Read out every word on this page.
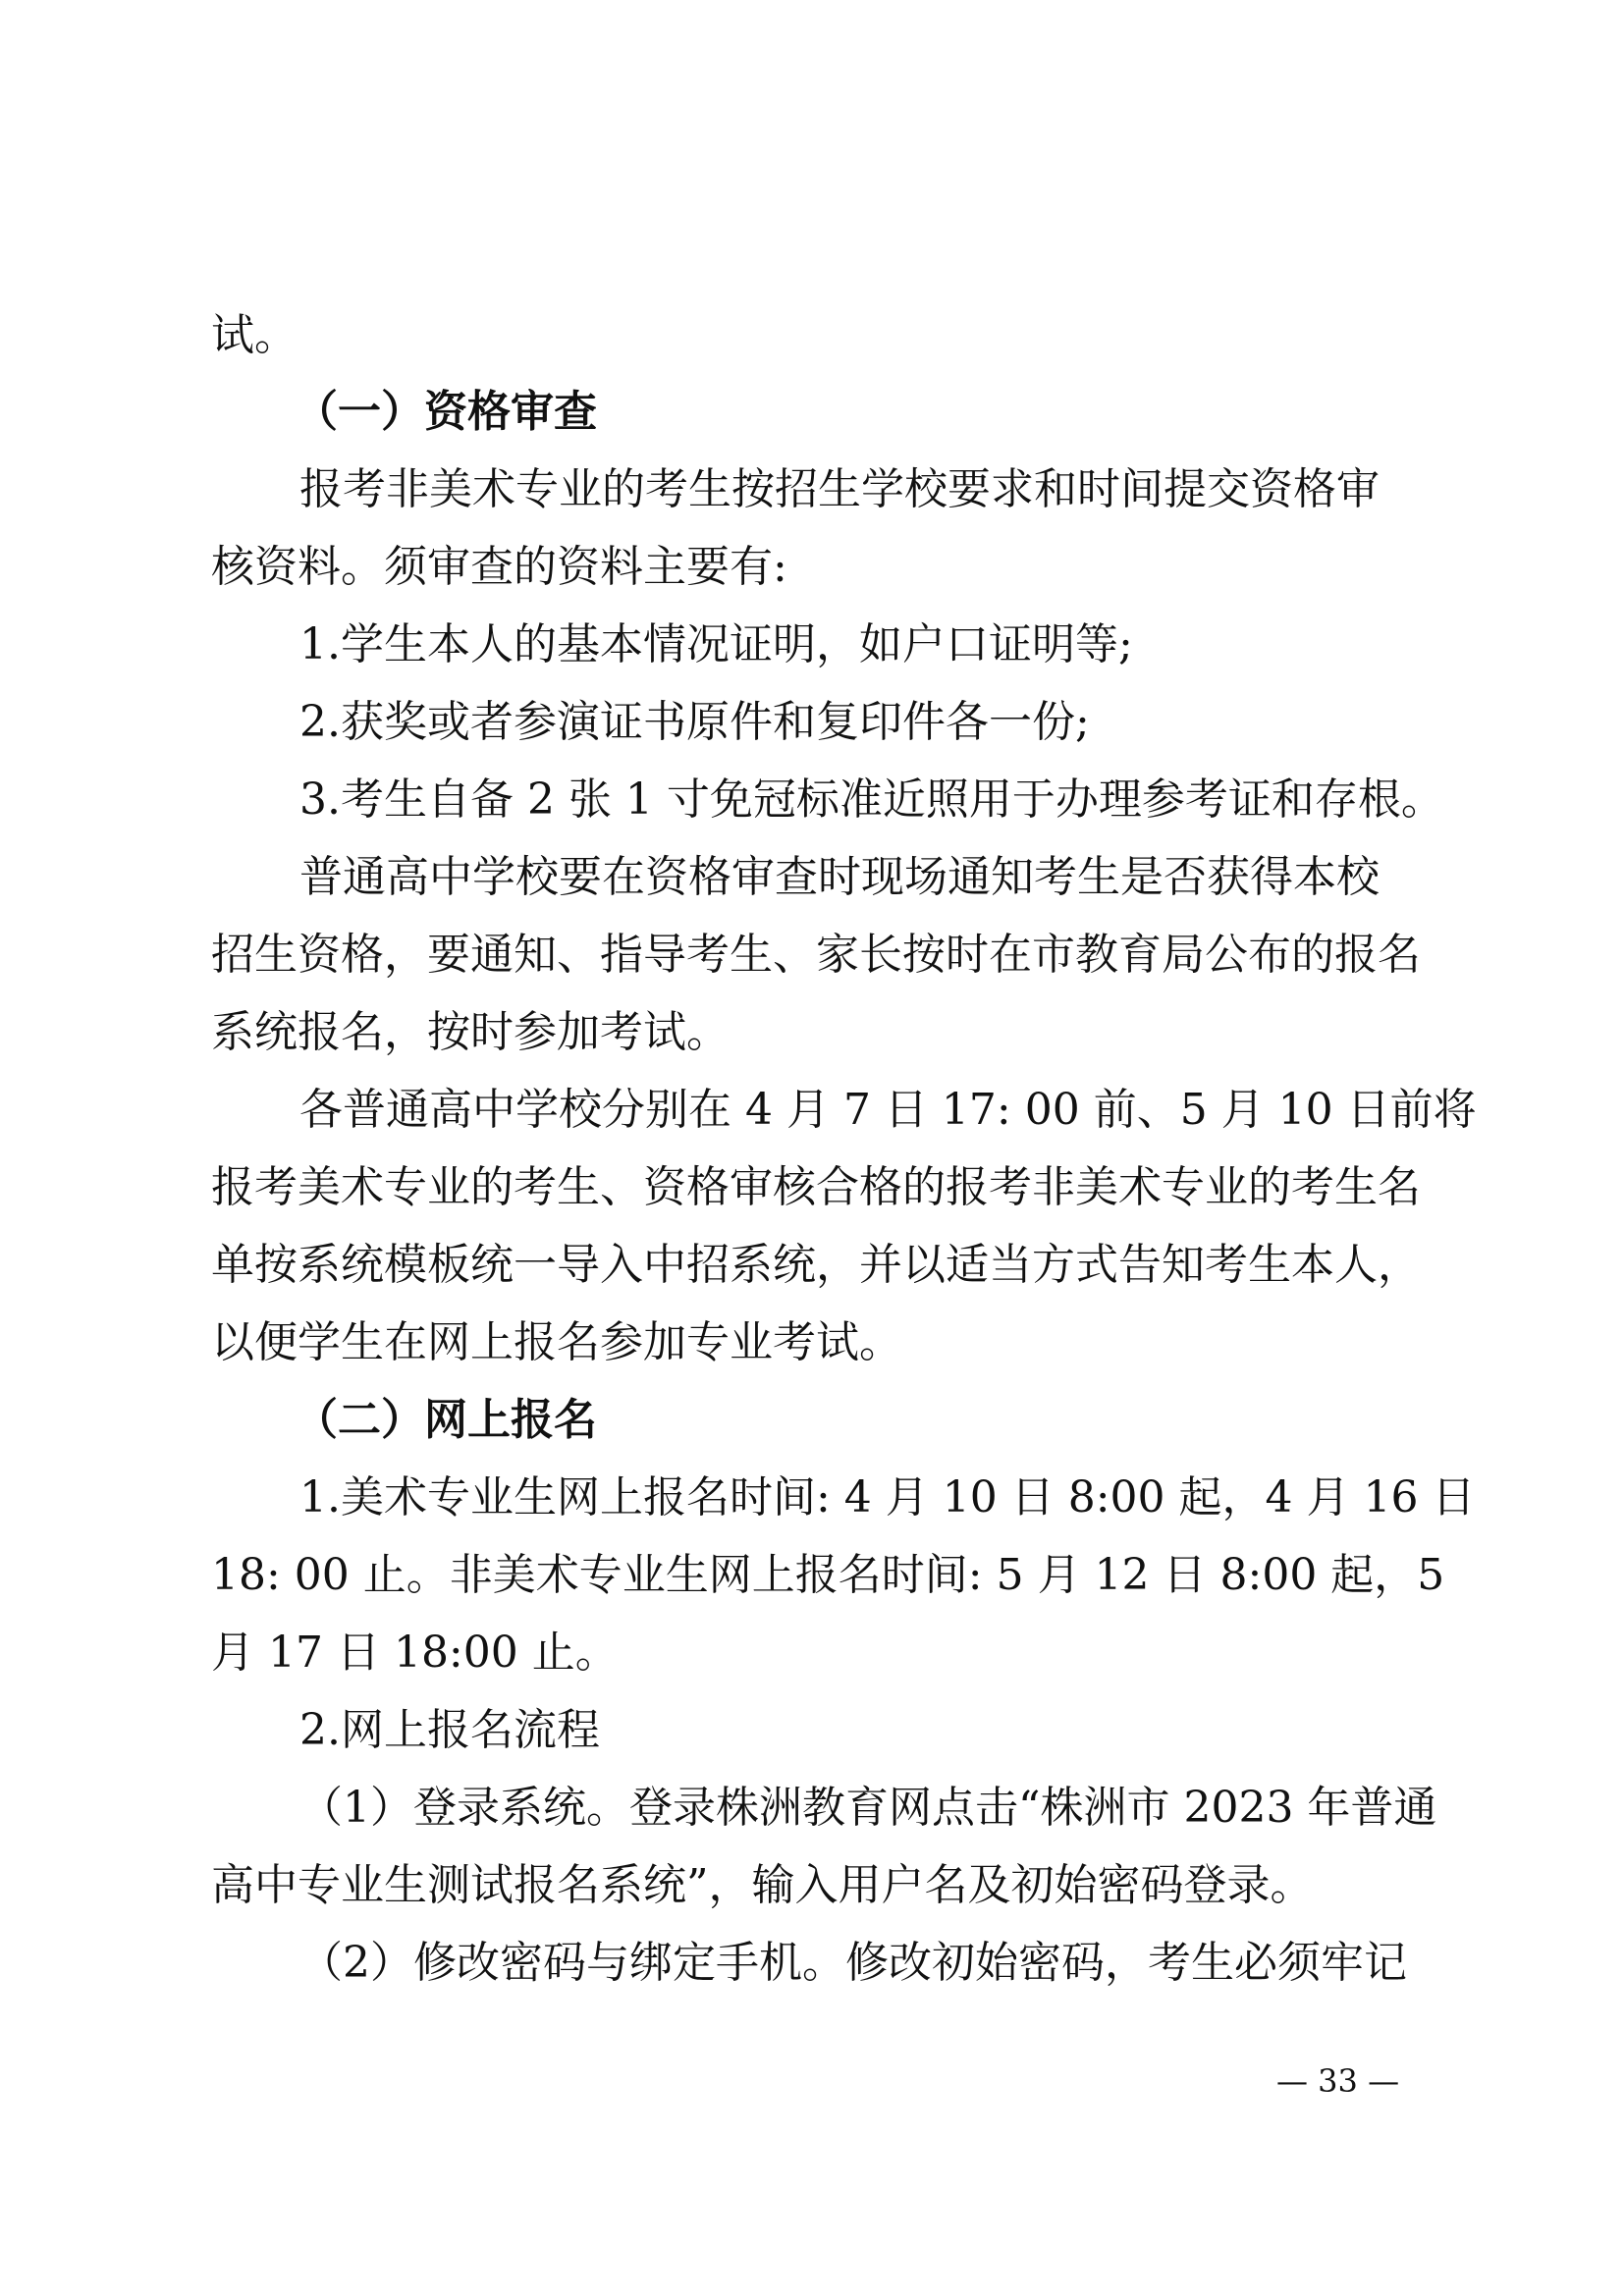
试。
（一）资格审查
报考非美术专业的考生按招生学校要求和时间提交资格审
核资料。须审查的资料主要有:
1.学生本人的基本情况证明，如户口证明等;
2.获奖或者参演证书原件和复印件各一份;
3.考生自备 2 张 1 寸免冠标准近照用于办理参考证和存根。
普通高中学校要在资格审查时现场通知考生是否获得本校
招生资格，要通知、指导考生、家长按时在市教育局公布的报名
系统报名，按时参加考试。
各普通高中学校分别在 4 月 7 日 17: 00 前、5 月 10 日前将
报考美术专业的考生、资格审核合格的报考非美术专业的考生名
单按系统模板统一导入中招系统，并以适当方式告知考生本人，
以便学生在网上报名参加专业考试。
（二）网上报名
1.美术专业生网上报名时间: 4 月 10 日 8:00 起，4 月 16 日
18: 00 止。非美术专业生网上报名时间: 5 月 12 日 8:00 起，5
月 17 日 18:00 止。
2.网上报名流程
（1）登录系统。登录株洲教育网点击“株洲市 2023 年普通
高中专业生测试报名系统”，输入用户名及初始密码登录。
（2）修改密码与绑定手机。修改初始密码，考生必须牢记
— 33 —
